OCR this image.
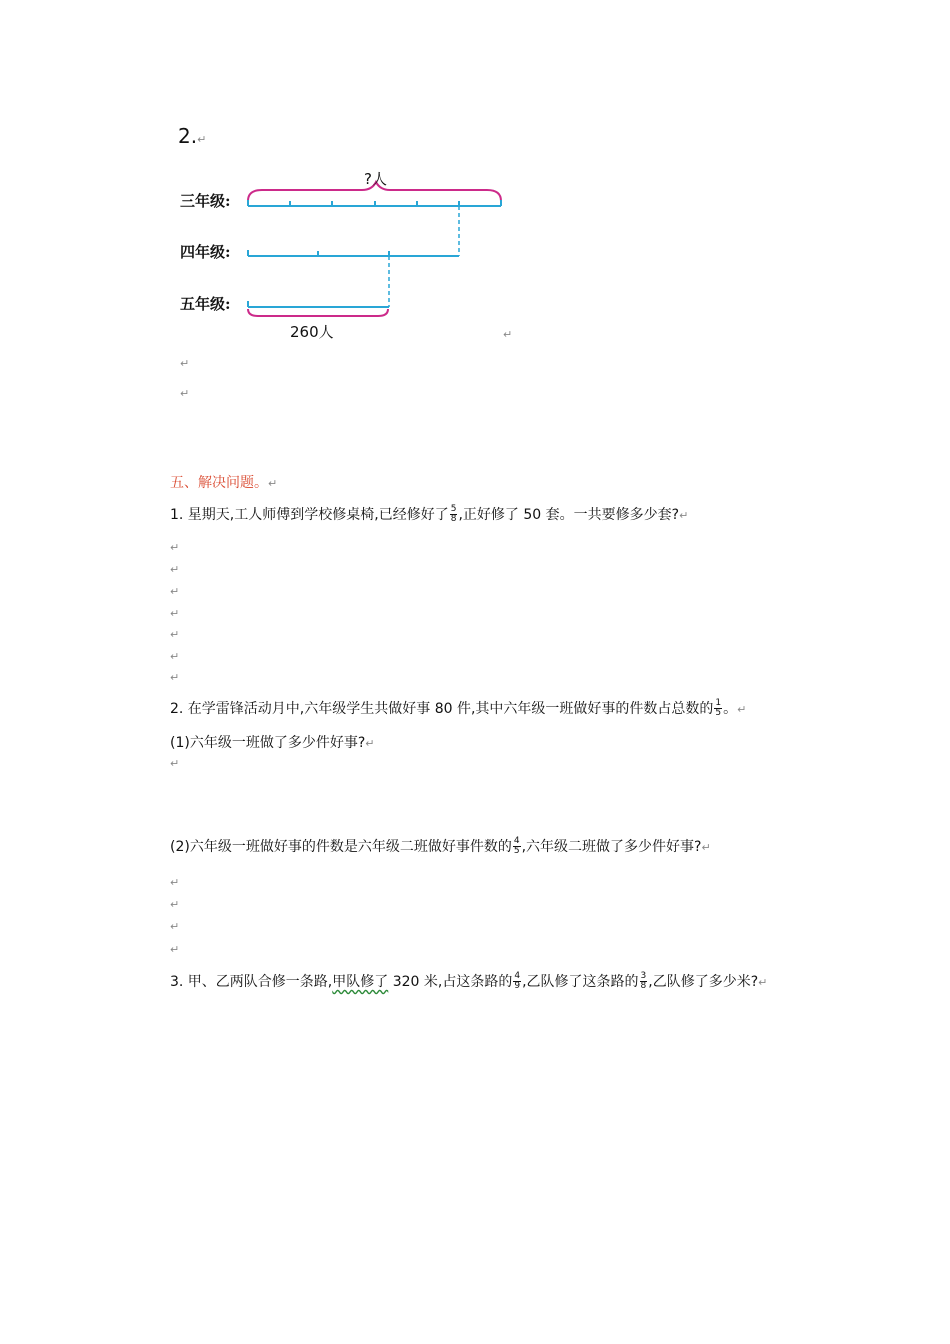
2.↵
三年级:
四年级:
五年级:
?人
260人	↵
↵
↵
五、解决问题。↵
1. 星期天,工人师傅到学校修桌椅,已经修好了 $\frac{5}{8}$ ,正好修了 50 套。一共要修多少套?↵
↵
↵
↵
↵
↵
↵
↵
2. 在学雷锋活动月中,六年级学生共做好事 80 件,其中六年级一班做好事的件数占总数的 $\frac{1}{5}$ 。↵
(1)六年级一班做了多少件好事?↵
↵
(2)六年级一班做好事的件数是六年级二班做好事件数的 $\frac{4}{5}$ ,六年级二班做了多少件好事?↵
↵
↵
↵
↵
3. 甲、乙两队合修一条路,甲队修了 320 米,占这条路的 $\frac{4}{9}$ ,乙队修了这条路的 $\frac{3}{8}$ ,乙队修了多少米?↵
